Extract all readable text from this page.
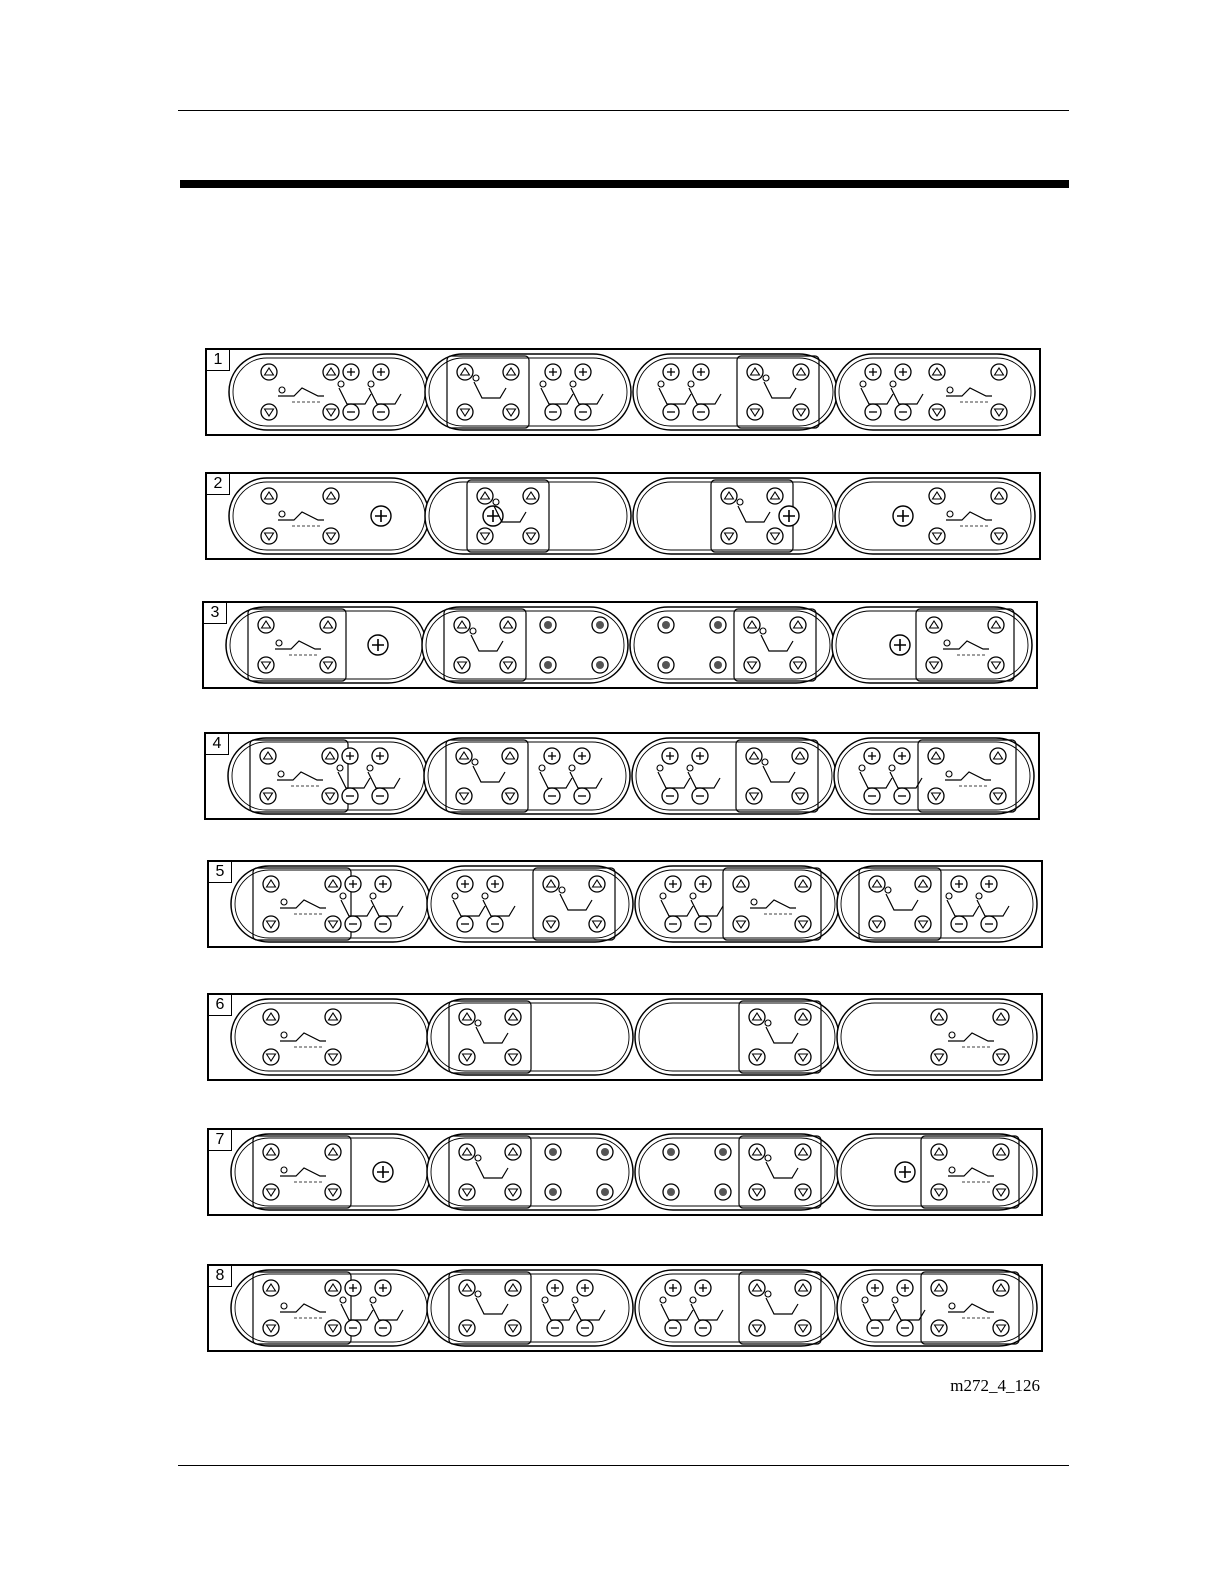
1
2
3
4
5
6
7
8
m272_4_126
